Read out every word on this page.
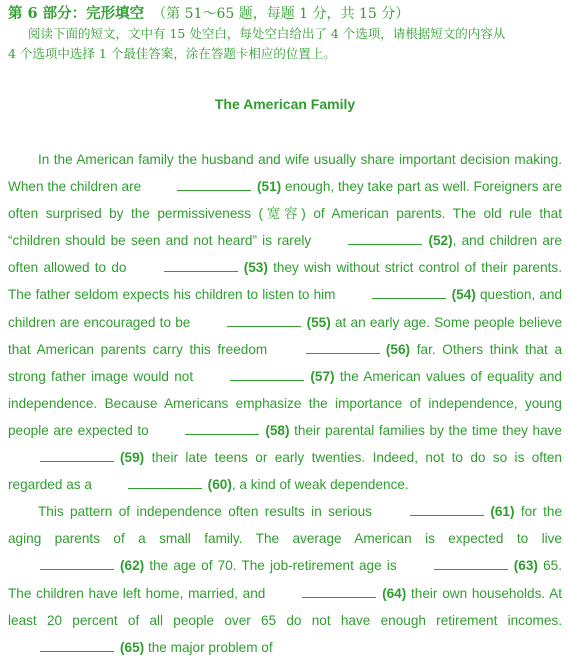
第 6 部分：完形填空 （第 51～65 题，每题 1 分，共 15 分）
阅读下面的短文，文中有 15 处空白，每处空白给出了 4 个选项，请根据短文的内容从
4 个选项中选择 1 个最佳答案，涂在答题卡相应的位置上。
The American Family

In the American family the husband and wife usually share important decision making. When the children are	(51) enough, they take part as well. Foreigners are often surprised by the permissiveness (宽容) of American parents. The old rule that “children should be seen and not heard” is rarely	(52), and children are often allowed to do	(53) they wish without strict control of their parents. The father seldom expects his children to listen to him	(54) question, and children are encouraged to be	(55) at an early age. Some people believe that American parents carry this freedom	(56) far. Others think that a strong father image would not	(57) the American values of equality and independence. Because Americans emphasize the importance of independence, young people are expected to	(58) their parental families by the time they have (59) their late teens or early twenties. Indeed, not to do so is often regarded as a	(60), a kind of weak dependence.

This pattern of independence often results in serious	(61) for the aging parents of a small family. The average American is expected to live (62) the age of 70. The job-retirement age is	(63) 65. The children have left home, married, and	(64) their own households. At least 20 percent of all people over 65 do not have enough retirement incomes. (65) the major problem of
